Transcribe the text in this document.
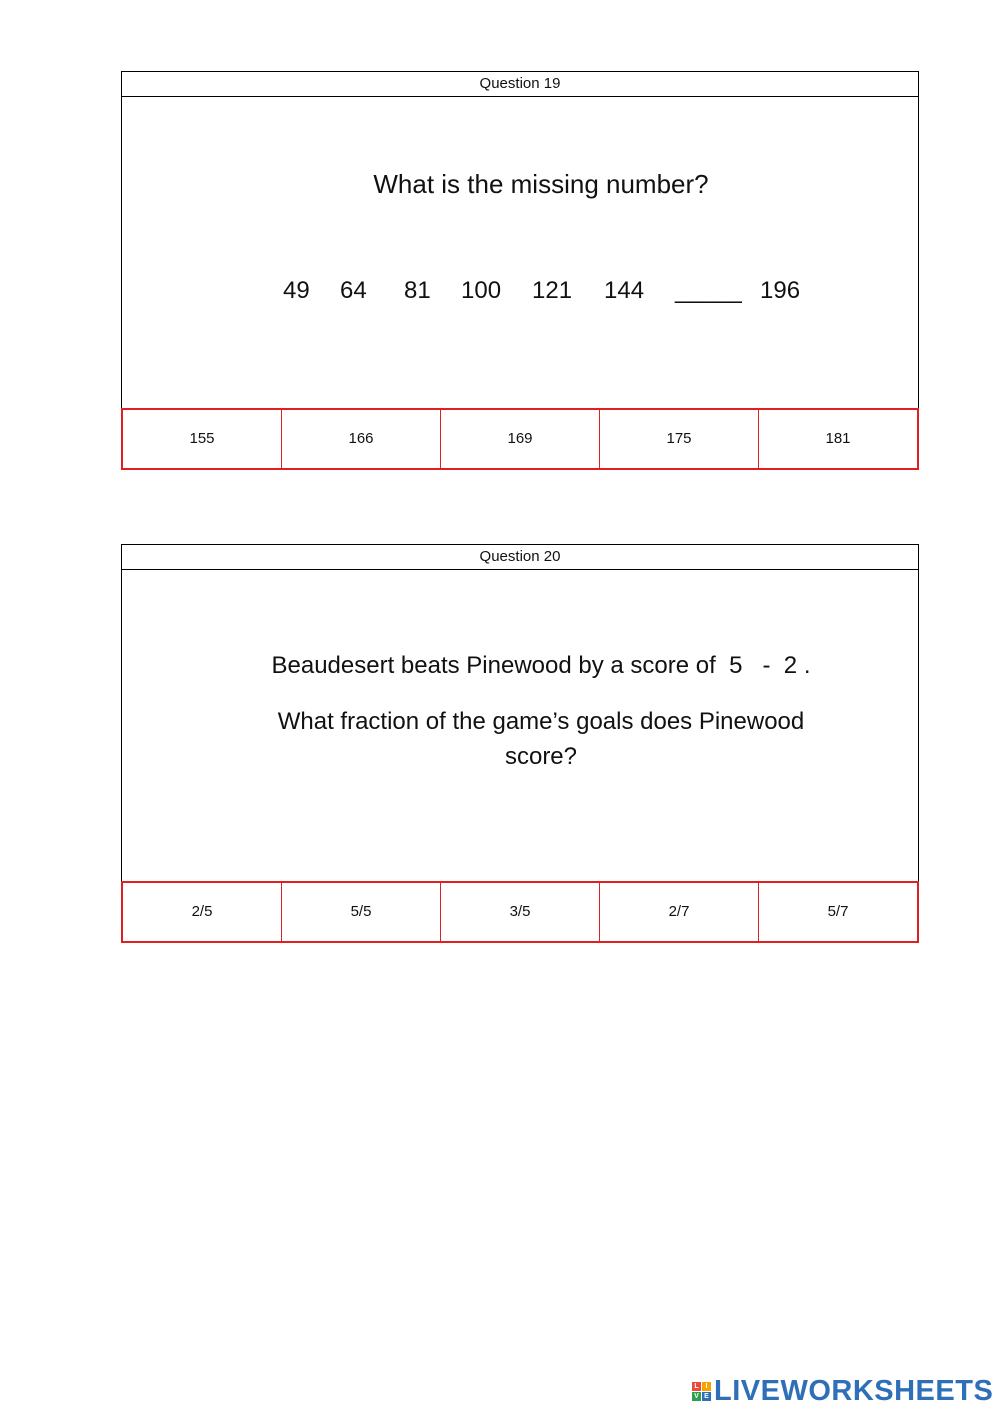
Question 19
What is the missing number?
49 64 81 100 121 144 _____ 196
155	166	169	175	181
Question 20
Beaudesert beats Pinewood by a score of  5   -  2 .
What fraction of the game’s goals does Pinewood score?
2/5	5/5	3/5	2/7	5/7
L I
V E LIVEWORKSHEETS
